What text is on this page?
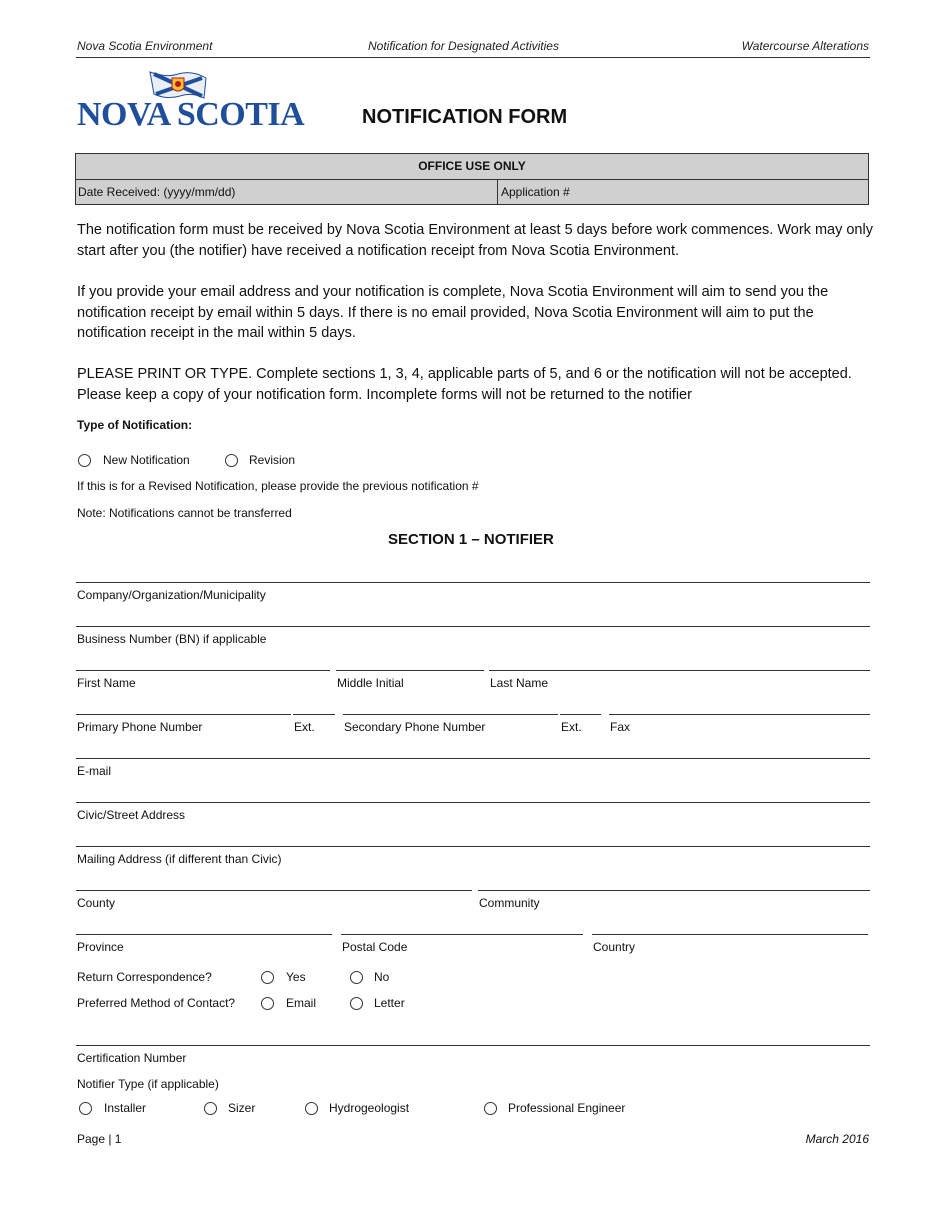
Nova Scotia Environment	Notification for Designated Activities	Watercourse Alterations
NOVA SCOTIA	NOTIFICATION FORM
OFFICE USE ONLY
Date Received: (yyyy/mm/dd)	Application #
The notification form must be received by Nova Scotia Environment at least 5 days before work commences. Work may only start after you (the notifier) have received a notification receipt from Nova Scotia Environment.
If you provide your email address and your notification is complete, Nova Scotia Environment will aim to send you the notification receipt by email within 5 days. If there is no email provided, Nova Scotia Environment will aim to put the notification receipt in the mail within 5 days.
PLEASE PRINT OR TYPE. Complete sections 1, 3, 4, applicable parts of 5, and 6 or the notification will not be accepted. Please keep a copy of your notification form. Incomplete forms will not be returned to the notifier
Type of Notification:
New Notification	Revision
If this is for a Revised Notification, please provide the previous notification #
Note: Notifications cannot be transferred
SECTION 1 – NOTIFIER
Company/Organization/Municipality
Business Number (BN) if applicable
First Name	Middle Initial	Last Name
Primary Phone Number	Ext. Secondary Phone Number	Ext. Fax
E-mail
Civic/Street Address
Mailing Address (if different than Civic)
County	Community
Province	Postal Code	Country
Return Correspondence?	Yes	No
Preferred Method of Contact?	Email	Letter
Certification Number
Notifier Type (if applicable)
Installer	Sizer	Hydrogeologist	Professional Engineer
Page | 1	March 2016
